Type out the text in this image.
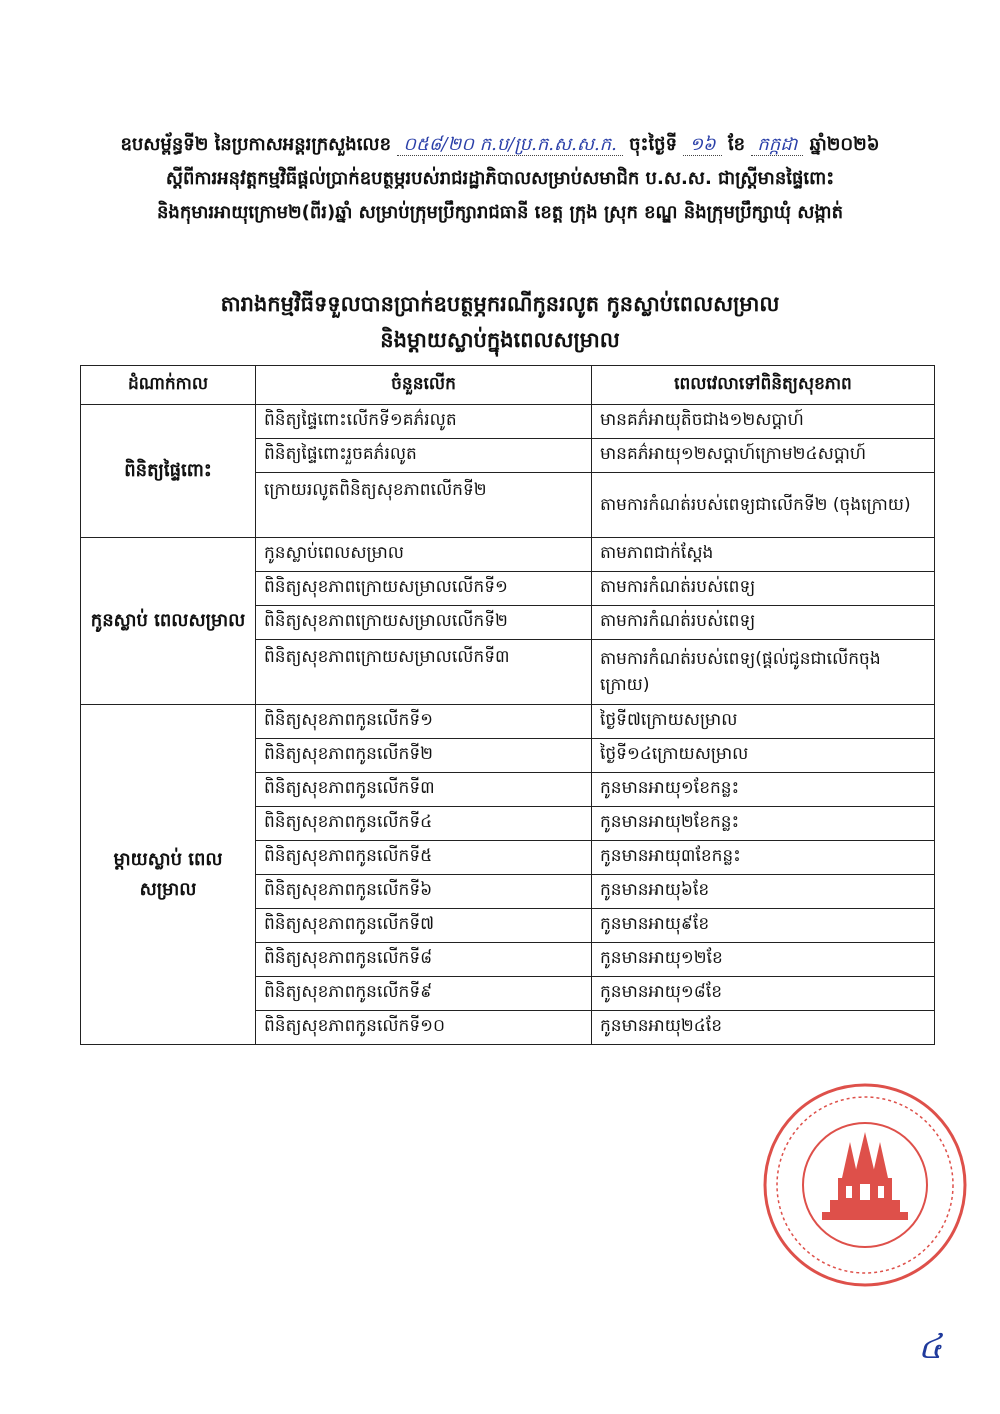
ឧបសម្ព័ន្ធទី២ នៃប្រកាសអន្តរក្រសួងលេខ ០៥៨/២០ ក.ប/ប្រ.ក.ស.ស.ក. ចុះថ្ងៃទី ១៦ ខែ កក្កដា ឆ្នាំ២០២៦
ស្ដីពីការអនុវត្តកម្មវិធីផ្ដល់ប្រាក់ឧបត្ថម្ភរបស់រាជរដ្ឋាភិបាលសម្រាប់សមាជិក ប.ស.ស. ជាស្ត្រីមានផ្ទៃពោះ
និងកុមារអាយុក្រោម២(ពីរ)ឆ្នាំ សម្រាប់ក្រុមប្រឹក្សារាជធានី ខេត្ត ក្រុង ស្រុក ខណ្ឌ និងក្រុមប្រឹក្សាឃុំ សង្កាត់
តារាងកម្មវិធីទទួលបានប្រាក់ឧបត្ថម្ភករណីកូនរលូត កូនស្លាប់ពេលសម្រាល
និងម្ដាយស្លាប់ក្នុងពេលសម្រាល
ដំណាក់កាល	ចំនួនលើក	ពេលវេលាទៅពិនិត្យសុខភាព
ពិនិត្យផ្ទៃពោះ	ពិនិត្យផ្ទៃពោះលើកទី១គភ៌រលូត	មានគភ៌អាយុតិចជាង១២សប្ដាហ៍
	ពិនិត្យផ្ទៃពោះរួចគភ៌រលូត	មានគភ៌អាយុ១២សប្ដាហ៍ក្រោម២៤សប្ដាហ៍
	ក្រោយរលូតពិនិត្យសុខភាពលើកទី២	តាមការកំណត់របស់ពេទ្យជាលើកទី២ (ចុងក្រោយ)
កូនស្លាប់ ពេលសម្រាល	កូនស្លាប់ពេលសម្រាល	តាមភាពជាក់ស្ដែង
	ពិនិត្យសុខភាពក្រោយសម្រាលលើកទី១	តាមការកំណត់របស់ពេទ្យ
	ពិនិត្យសុខភាពក្រោយសម្រាលលើកទី២	តាមការកំណត់របស់ពេទ្យ
	ពិនិត្យសុខភាពក្រោយសម្រាលលើកទី៣	តាមការកំណត់របស់ពេទ្យ(ផ្ដល់ជូនជាលើកចុងក្រោយ)
ម្ដាយស្លាប់ ពេលសម្រាល	ពិនិត្យសុខភាពកូនលើកទី១	ថ្ងៃទី៧ក្រោយសម្រាល
	ពិនិត្យសុខភាពកូនលើកទី២	ថ្ងៃទី១៤ក្រោយសម្រាល
	ពិនិត្យសុខភាពកូនលើកទី៣	កូនមានអាយុ១ខែកន្លះ
	ពិនិត្យសុខភាពកូនលើកទី៤	កូនមានអាយុ២ខែកន្លះ
	ពិនិត្យសុខភាពកូនលើកទី៥	កូនមានអាយុ៣ខែកន្លះ
	ពិនិត្យសុខភាពកូនលើកទី៦	កូនមានអាយុ៦ខែ
	ពិនិត្យសុខភាពកូនលើកទី៧	កូនមានអាយុ៩ខែ
	ពិនិត្យសុខភាពកូនលើកទី៨	កូនមានអាយុ១២ខែ
	ពិនិត្យសុខភាពកូនលើកទី៩	កូនមានអាយុ១៨ខែ
	ពិនិត្យសុខភាពកូនលើកទី១០	កូនមានអាយុ២៤ខែ
៤
